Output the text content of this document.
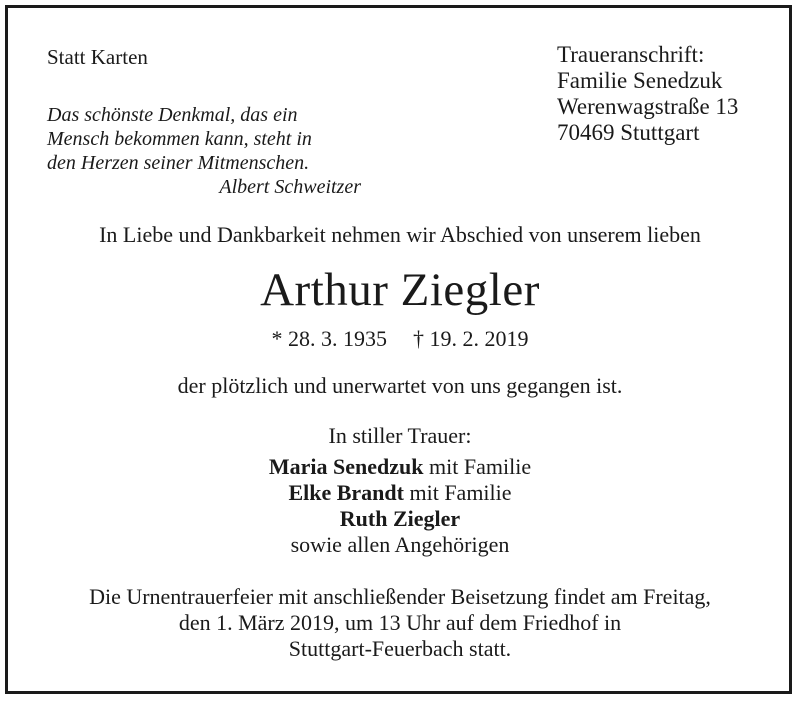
Statt Karten
Das schönste Denkmal, das ein
Mensch bekommen kann, steht in
den Herzen seiner Mitmenschen.
Albert Schweitzer
Traueranschrift:
Familie Senedzuk
Werenwagstraße 13
70469 Stuttgart
In Liebe und Dankbarkeit nehmen wir Abschied von unserem lieben
Arthur Ziegler
* 28. 3. 1935 † 19. 2. 2019
der plötzlich und unerwartet von uns gegangen ist.
In stiller Trauer:
Maria Senedzuk mit Familie
Elke Brandt mit Familie
Ruth Ziegler
sowie allen Angehörigen
Die Urnentrauerfeier mit anschließender Beisetzung findet am Freitag,
den 1. März 2019, um 13 Uhr auf dem Friedhof in
Stuttgart-Feuerbach statt.
